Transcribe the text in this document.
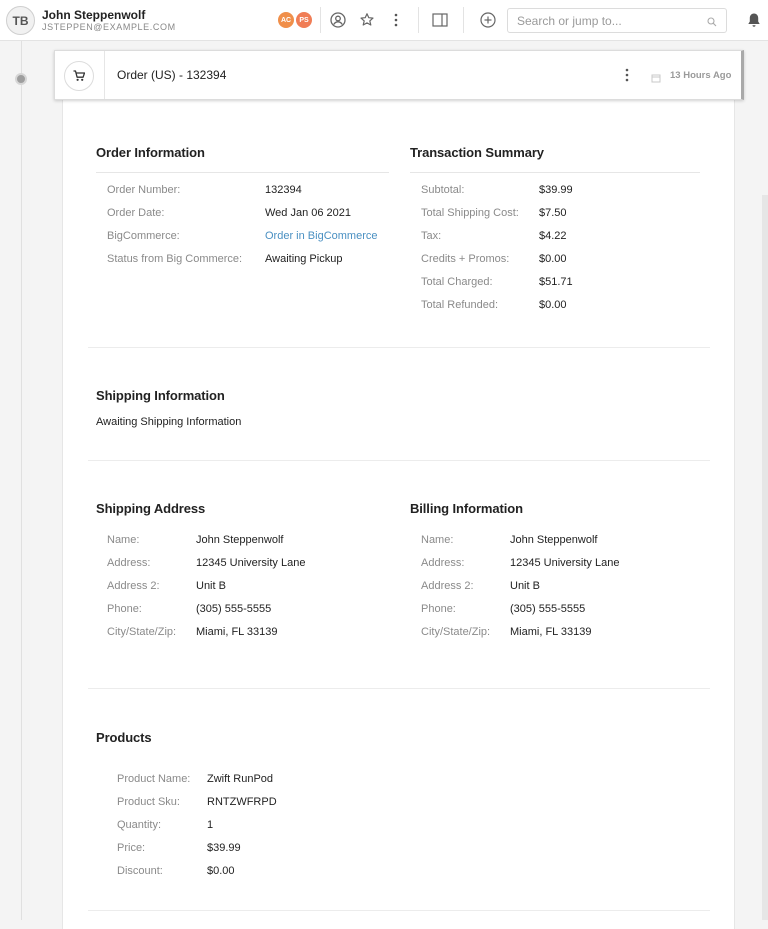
TB	John Steppenwolf
JSTEPPEN@EXAMPLE.COM
AC	PS
Search or jump to...
Order (US) - 132394	13 Hours Ago
Order Information
Order Number:	132394
Order Date:	Wed Jan 06 2021
BigCommerce:	Order in BigCommerce
Status from Big Commerce: Awaiting Pickup
Transaction Summary
Subtotal:	$39.99
Total Shipping Cost: $7.50
Tax:	$4.22
Credits + Promos:	$0.00
Total Charged:	$51.71
Total Refunded:	$0.00
Shipping Information
Awaiting Shipping Information
Shipping Address
Name:	John Steppenwolf
Address:	12345 University Lane
Address 2:	Unit B
Phone:	(305) 555-5555
City/State/Zip: Miami, FL 33139
Billing Information
Name:	John Steppenwolf
Address:	12345 University Lane
Address 2:	Unit B
Phone:	(305) 555-5555
City/State/Zip: Miami, FL 33139
Products
Product Name: Zwift RunPod
Product Sku: RNTZWFRPD
Quantity:	1
Price:	$39.99
Discount:	$0.00
